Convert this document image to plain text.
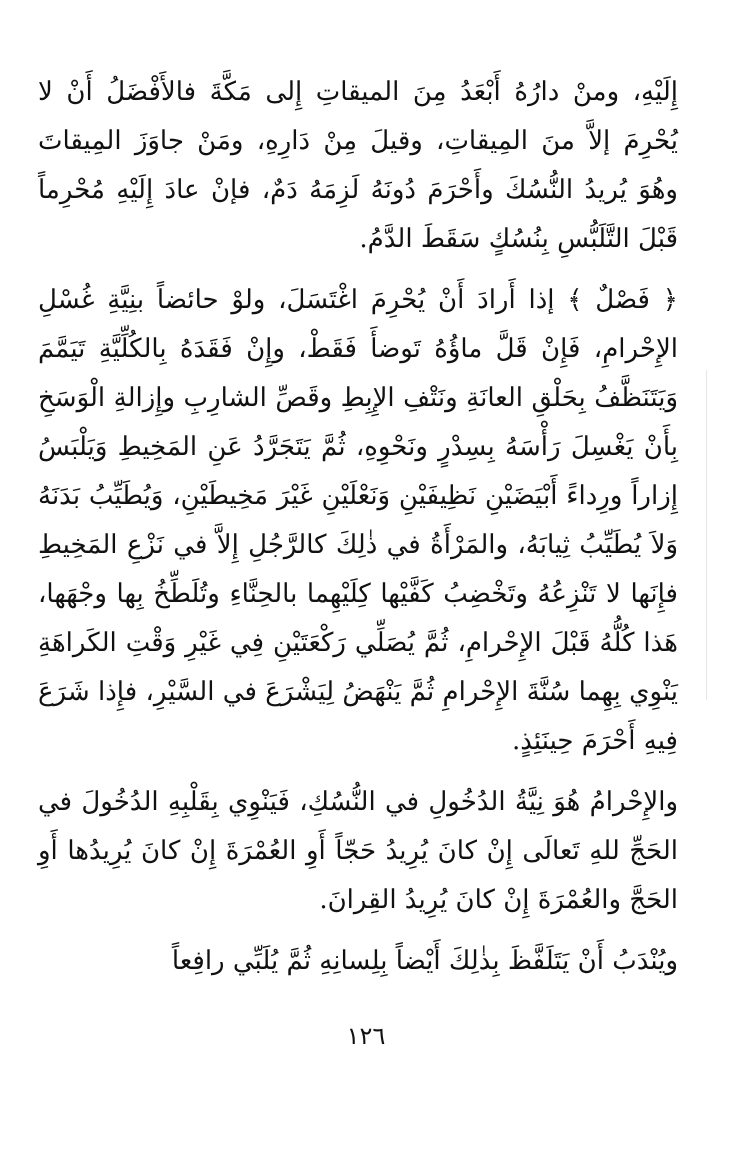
إِلَيْهِ، ومنْ دارُهُ أَبْعَدُ مِنَ الميقاتِ إِلى مَكَّةَ فالأَفْضَلُ أَنْ لا يُحْرِمَ إلاَّ منَ المِيقاتِ، وقيلَ مِنْ دَارِهِ، ومَنْ جاوَزَ المِيقاتَ وهُوَ يُريدُ النُّسُكَ وأَحْرَمَ دُونَهُ لَزِمَهُ دَمٌ، فإنْ عادَ إِلَيْهِ مُحْرِماً قَبْلَ التَّلَبُّسِ بِنُسُكٍ سَقَطَ الدَّمُ.

﴿ فَصْلٌ ﴾ إذا أَرادَ أَنْ يُحْرِمَ اغْتَسَلَ، ولوْ حائضاً بنِيَّةِ غُسْلِ الإِحْرامِ، فَإِنْ قَلَّ ماؤُهُ تَوضأَ فَقَطْ، وإِنْ فَقَدَهُ بِالكُلِّيَّةِ تَيَمَّمَ وَيَتَنَظَّفُ بِحَلْقِ العانَةِ ونَتْفِ الإِبِطِ وقَصِّ الشارِبِ وإِزالةِ الْوَسَخِ بِأَنْ يَغْسِلَ رَأْسَهُ بِسِدْرٍ ونَحْوِهِ، ثُمَّ يَتَجَرَّدُ عَنِ المَخِيطِ وَيَلْبَسُ إِزاراً ورِداءً أَبْيَضَيْنِ نَظِيفَيْنِ وَنَعْلَيْنِ غَيْرَ مَخِيطَيْنِ، وَيُطَيِّبُ بَدَنَهُ وَلاَ يُطَيِّبُ ثِيابَهُ، والمَرْأَةُ في ذٰلِكَ كالرَّجُلِ إِلاَّ في نَزْعِ المَخِيطِ فإِنَها لا تَنْزِعُهُ وتَخْضِبُ كَفَّيْها كِلَيْهِما بالحِنَّاءِ وتُلَطِّخُ بِها وجْهَها، هَذا كُلُّهُ قَبْلَ الإِحْرامِ، ثُمَّ يُصَلِّي رَكْعَتَيْنِ فِي غَيْرِ وَقْتِ الكَراهَةِ يَنْوِي بِهِما سُنَّةَ الإِحْرامِ ثُمَّ يَنْهَضُ لِيَشْرَعَ في السَّيْرِ، فإِذا شَرَعَ فِيهِ أَحْرَمَ حِينَئِذٍ.

والإِحْرامُ هُوَ نِيَّةُ الدُخُولِ في النُّسُكِ، فَيَنْوِي بِقَلْبِهِ الدُخُولَ في الحَجِّ للهِ تَعالَى إِنْ كانَ يُرِيدُ حَجّاً أَوِ العُمْرَةَ إِنْ كانَ يُرِيدُها أَوِ الحَجَّ والعُمْرَةَ إِنْ كانَ يُرِيدُ القِرانَ.

ويُنْدَبُ أَنْ يَتَلَفَّظَ بِذٰلِكَ أَيْضاً بِلِسانِهِ ثُمَّ يُلَبِّي رافِعاً

١٢٦
